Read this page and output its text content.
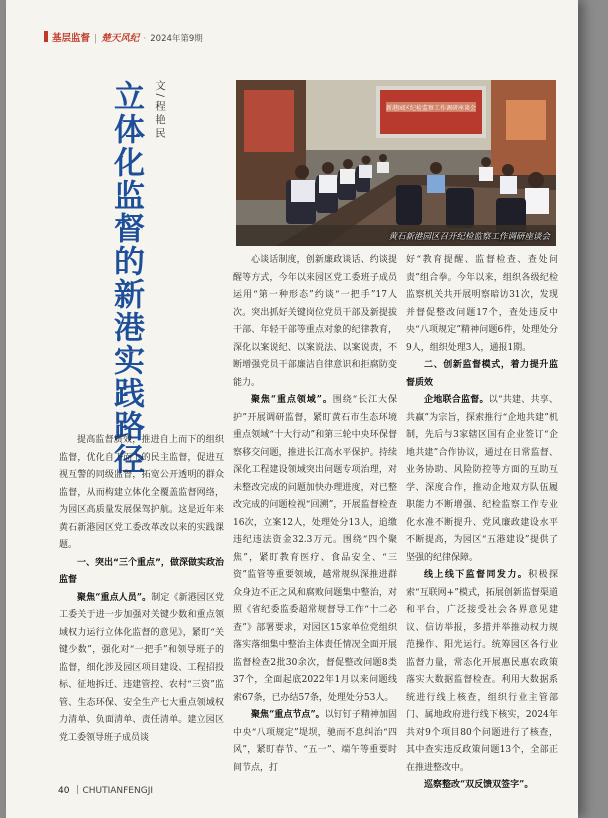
基层监督 | 楚天风纪 · 2024年第9期
立体化监督的新港实践路径 文/程艳民	新港园区纪检监察工作调研座谈会
黄石新港园区召开纪检监察工作调研座谈会

心谈话制度，创新廉政谈话、约谈提醒等方式，今年以来园区党工委班子成员运用“第一种形态”约谈“一把手”17人次。突出抓好关键岗位党员干部及新提拔干部、年轻干部等重点对象的纪律教育，深化以案说纪、以案说法、以案说责，不断增强党员干部廉洁自律意识和拒腐防变能力。

聚焦“重点领域”。围绕“长江大保护”开展调研监督，紧盯黄石市生态环境重点领域“十大行动”和第三轮中央环保督察移交问题，推进长江高水平保护。持续深化工程建设领域突出问题专项治理，对未整改完成的问题加快办理进度，对已整改完成的问题检视“回溯”，开展监督检查16次，立案12人，处理处分13人，追缴违纪违法资金32.3万元。围绕“四个聚焦”，紧盯教育医疗、食品安全、“三资”监管等重要领域，越常规纵深推进群众身边不正之风和腐败问题集中整治，对照《省纪委监委超常规督导工作“十二必查”》部署要求，对园区15家单位党组织落实落细集中整治主体责任情况全面开展监督检查2批30余次，督促整改问题8类37个，全面起底2022年1月以来问题线索67条，已办结57条，处理处分53人。

聚焦“重点节点”。以钉钉子精神加固中央“八项规定”堤坝，驰而不息纠治“四风”，紧盯春节、“五一”、端午等重要时间节点，打

好“教育提醒、监督检查、查处问责”组合拳。今年以来，组织各级纪检监察机关共开展明察暗访31次，发现并督促整改问题17个，查处违反中央“八项规定”精神问题6件，处理处分9人，组织处理3人，通报1期。

二、创新监督模式，着力提升监督质效

企地联合监督。以“共建、共享、共赢”为宗旨，探索推行“企地共建”机制，先后与3家辖区国有企业签订“企地共建”合作协议，通过在日常监督、业务协助、风险防控等方面的互助互学、深度合作，推动企地双方队伍履职能力不断增强、纪检监察工作专业化水准不断提升、党风廉政建设水平不断提高，为园区“五港建设”提供了坚强的纪律保障。

线上线下监督同发力。积极探索“互联网+”模式，拓展创新监督渠道和平台，广泛接受社会各界意见建议、信访举报，多措并举推动权力规范操作、阳光运行。统筹园区各行业监督力量，常态化开展惠民惠农政策落实大数据监督检查。利用大数据系统进行线上核查，组织行业主管部门、属地政府进行线下核实，2024年共对9个项目80个问题进行了核查，其中查实违反政策问题13个，全部正在推进整改中。

巡察整改“双反馈双签字”。

提高监督质效，推进自上而下的组织监督，优化自下而上的民主监督，促进互视互警的同级监督，拓宽公开透明的群众监督，从而构建立体化全覆盖监督网络，为园区高质量发展保驾护航。这是近年来黄石新港园区党工委改革改以来的实践课题。

一、突出“三个重点”，做深做实政治监督

聚焦“重点人员”。制定《新港园区党工委关于进一步加强对关键少数和重点领域权力运行立体化监督的意见》，紧盯“关键少数”，强化对“一把手”和领导班子的监督，细化涉及园区项目建设、工程招投标、征地拆迁、违建管控、农村“三资”监管、生态环保、安全生产七大重点领域权力清单、负面清单、责任清单。建立园区党工委领导班子成员谈

40 CHUTIANFENGJI
